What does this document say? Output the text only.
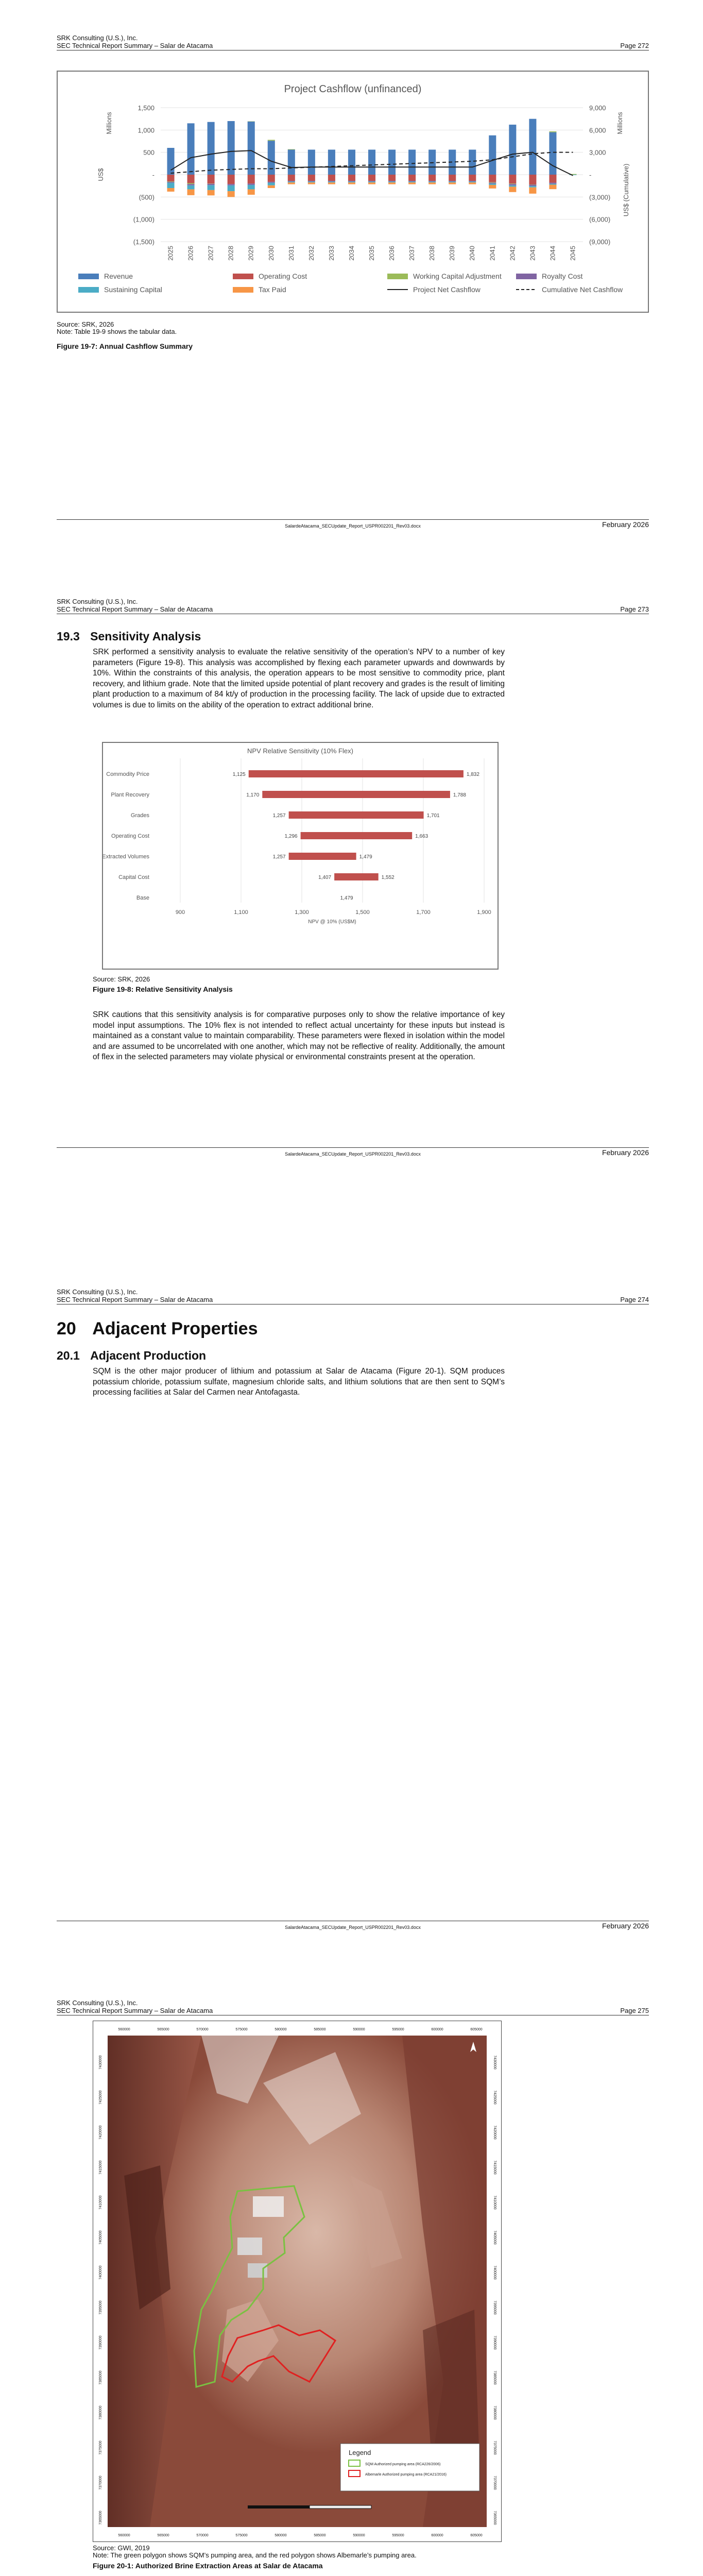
SRK Consulting (U.S.), Inc.
SEC Technical Report Summary – Salar de Atacama	Page 272
Project Cashflow (unfinanced)
1,500
1,000
500
-
(500)
(1,000)
(1,500)
9,000
6,000
3,000
-
(3,000)
(6,000)
(9,000)
US$
Millions
US$ (Cumulative)
Millions
2025 2026 2027 2028 2029 2030 2031 2032 2033 2034 2035 2036 2037 2038 2039 2040 2041 2042 2043 2044 2045
Revenue	Operating Cost	Working Capital Adjustment	Royalty Cost
Sustaining Capital	Tax Paid	Project Net Cashflow	Cumulative Net Cashflow
Source: SRK, 2026
Note: Table 19-9 shows the tabular data.
Figure 19-7: Annual Cashflow Summary
SalardeAtacama_SECUpdate_Report_USPR002201_Rev03.docx	February 2026
SRK Consulting (U.S.), Inc.
SEC Technical Report Summary – Salar de Atacama	Page 273
19.3 Sensitivity Analysis
SRK performed a sensitivity analysis to evaluate the relative sensitivity of the operation’s NPV to a number of key parameters (Figure 19-8). This analysis was accomplished by flexing each parameter upwards and downwards by 10%. Within the constraints of this analysis, the operation appears to be most sensitive to commodity price, plant recovery, and lithium grade. Note that the limited upside potential of plant recovery and grades is the result of limiting plant production to a maximum of 84 kt/y of production in the processing facility. The lack of upside due to extracted volumes is due to limits on the ability of the operation to extract additional brine.
NPV Relative Sensitivity (10% Flex)
900	1,100	1,300	1,500	1,700	1,900
NPV @ 10% (US$M)
Commodity Price	1,125	1,832
Plant Recovery	1,170	1,788
Grades	1,257	1,701
Operating Cost	1,296	1,663
Extracted Volumes	1,257	1,479
Capital Cost	1,407	1,552
Base	1,479
Source: SRK, 2026
Figure 19-8: Relative Sensitivity Analysis
SRK cautions that this sensitivity analysis is for comparative purposes only to show the relative importance of key model input assumptions. The 10% flex is not intended to reflect actual uncertainty for these inputs but instead is maintained as a constant value to maintain comparability. These parameters were flexed in isolation within the model and are assumed to be uncorrelated with one another, which may not be reflective of reality. Additionally, the amount of flex in the selected parameters may violate physical or environmental constraints present at the operation.
SalardeAtacama_SECUpdate_Report_USPR002201_Rev03.docx	February 2026
SRK Consulting (U.S.), Inc.
SEC Technical Report Summary – Salar de Atacama	Page 274
20 Adjacent Properties
20.1 Adjacent Production
SQM is the other major producer of lithium and potassium at Salar de Atacama (Figure 20-1). SQM produces potassium chloride, potassium sulfate, magnesium chloride salts, and lithium solutions that are then sent to SQM’s processing facilities at Salar del Carmen near Antofagasta.
SalardeAtacama_SECUpdate_Report_USPR002201_Rev03.docx	February 2026
SRK Consulting (U.S.), Inc.
SEC Technical Report Summary – Salar de Atacama	Page 275
Legend
SQM Authorized pumping area (RCA226/2006)
Albemarle Authorized pumping area (RCA21/2016)
560000
560000
565000
565000
570000
570000
575000
575000
580000
580000
585000
585000
590000
590000
595000
595000
600000
600000
605000
605000
7430000	7430000
7425000	7425000
7420000	7420000
7415000	7415000
7410000	7410000
7405000	7405000
7400000	7400000
7395000	7395000
7390000	7390000
7385000	7385000
7380000	7380000
7375000	7375000
7370000	7370000
7365000	7365000
Source: GWI, 2019
Note: The green polygon shows SQM’s pumping area, and the red polygon shows Albemarle’s pumping area.
Figure 20-1: Authorized Brine Extraction Areas at Salar de Atacama
